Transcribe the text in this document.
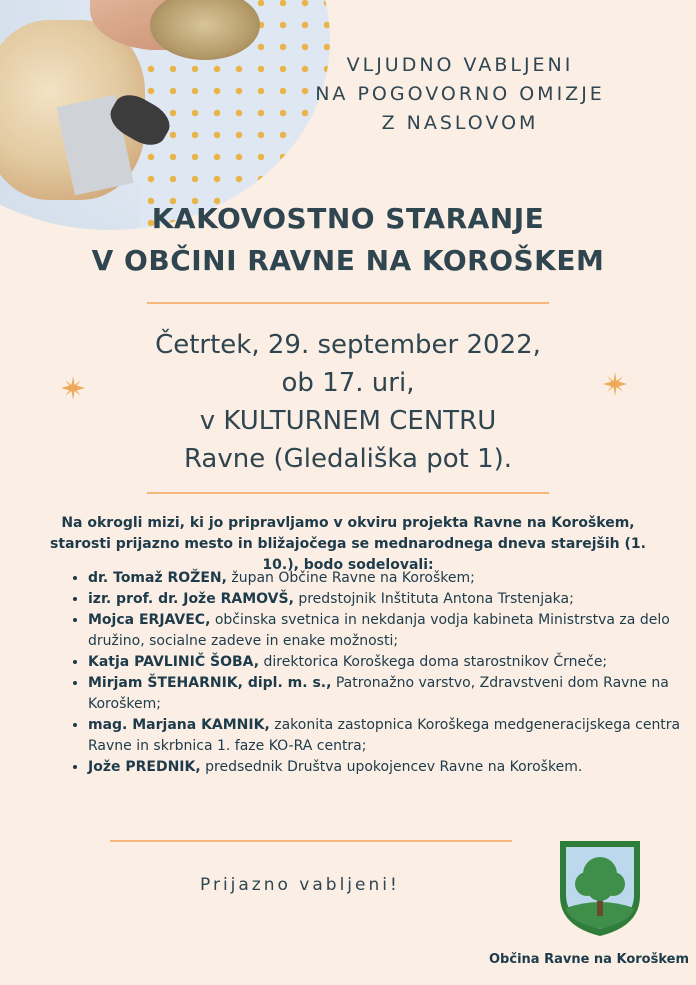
VLJUDNO VABLJENI
NA POGOVORNO OMIZJE
Z NASLOVOM
KAKOVOSTNO STARANJE
V OBČINI RAVNE NA KOROŠKEM
Četrtek, 29. september 2022,
ob 17. uri,
v KULTURNEM CENTRU
Ravne (Gledališka pot 1).
Na okrogli mizi, ki jo pripravljamo v okviru projekta Ravne na Koroškem, starosti prijazno mesto in bližajočega se mednarodnega dneva starejših (1. 10.), bodo sodelovali:
• dr. Tomaž ROŽEN, župan Občine Ravne na Koroškem;
• izr. prof. dr. Jože RAMOVŠ, predstojnik Inštituta Antona Trstenjaka;
• Mojca ERJAVEC, občinska svetnica in nekdanja vodja kabineta Ministrstva za delo družino, socialne zadeve in enake možnosti;
• Katja PAVLINIČ ŠOBA, direktorica Koroškega doma starostnikov Črneče;
• Mirjam ŠTEHARNIK, dipl. m. s., Patronažno varstvo, Zdravstveni dom Ravne na Koroškem;
• mag. Marjana KAMNIK, zakonita zastopnica Koroškega medgeneracijskega centra Ravne in skrbnica 1. faze KO-RA centra;
• Jože PREDNIK, predsednik Društva upokojencev Ravne na Koroškem.
Prijazno vabljeni!
Občina Ravne na Koroškem
